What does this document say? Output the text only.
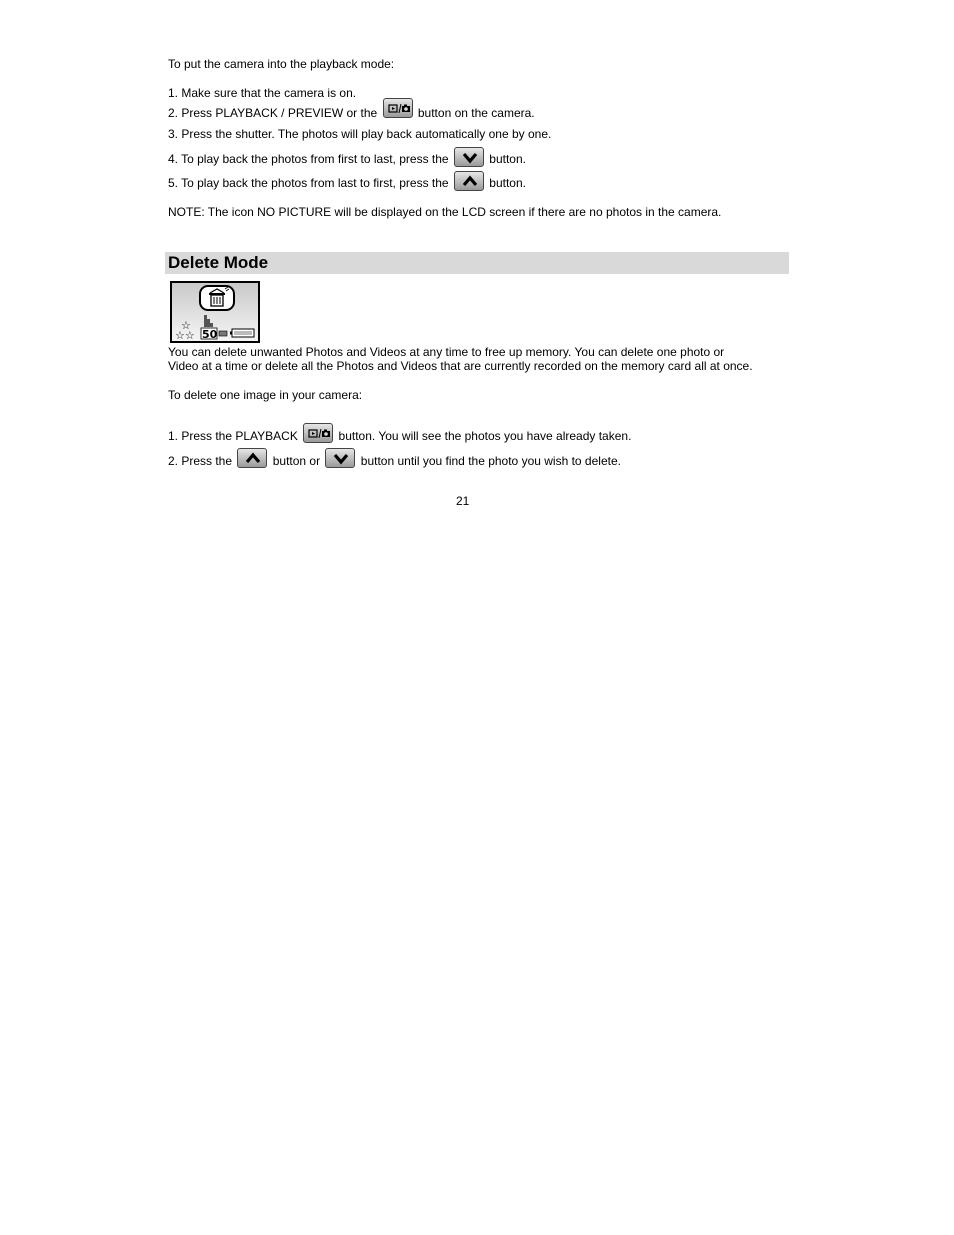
To put the camera into the playback mode:
1. Make sure that the camera is on.
2. Press PLAYBACK / PREVIEW or the	button on the camera.
3. Press the shutter. The photos will play back automatically one by one.
4. To play back the photos from first to last, press the	button.
5. To play back the photos from last to first, press the	button.
NOTE: The icon NO PICTURE will be displayed on the LCD screen if there are no photos in the camera.
Delete Mode
☆
☆☆ 50
You can delete unwanted Photos and Videos at any time to free up memory. You can delete one photo or
Video at a time or delete all the Photos and Videos that are currently recorded on the memory card all at once.
To delete one image in your camera:
1. Press the PLAYBACK	button. You will see the photos you have already taken.
2. Press the	button or	button until you find the photo you wish to delete.
21
